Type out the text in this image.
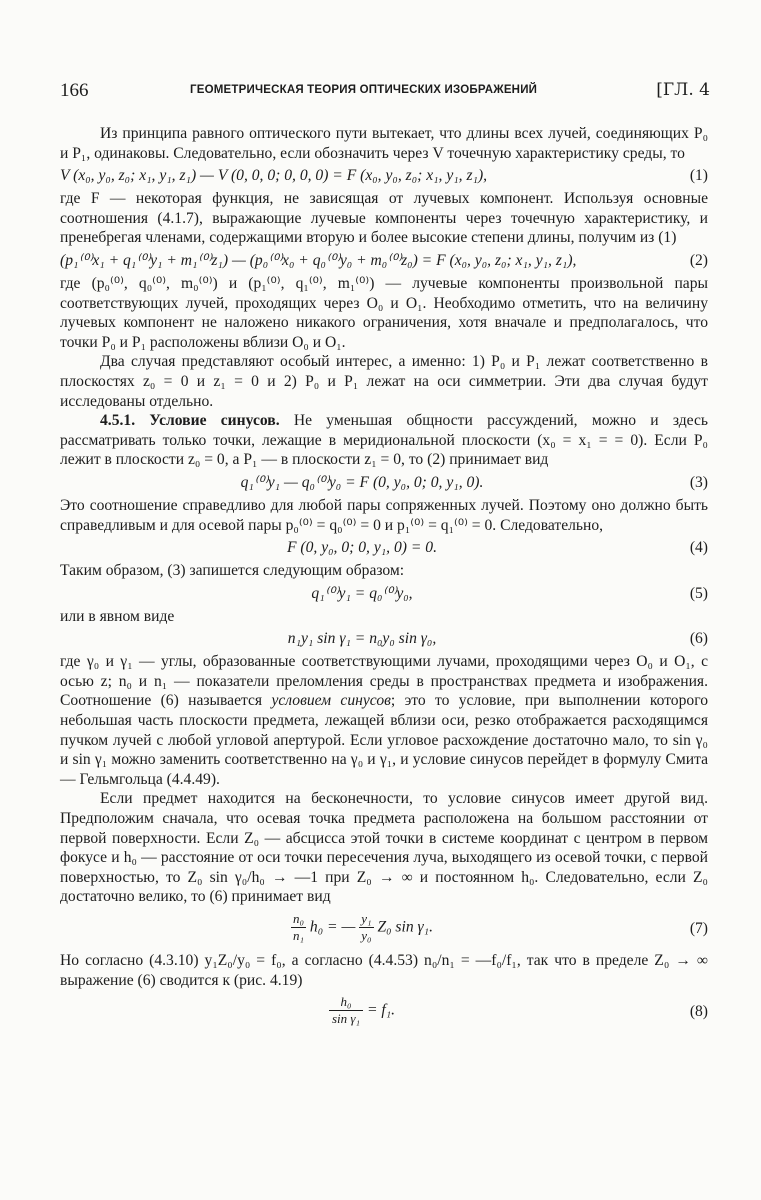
166	ГЕОМЕТРИЧЕСКАЯ ТЕОРИЯ ОПТИЧЕСКИХ ИЗОБРАЖЕНИЙ	[ГЛ. 4

Из принципа равного оптического пути вытекает, что длины всех лучей, соединяющих P₀ и P₁, одинаковы. Следовательно, если обозначить через V точечную характеристику среды, то

V (x₀, y₀, z₀; x₁, y₁, z₁) — V (0, 0, 0; 0, 0, 0) = F (x₀, y₀, z₀; x₁, y₁, z₁),	(1)

где F — некоторая функция, не зависящая от лучевых компонент. Используя основные соотношения (4.1.7), выражающие лучевые компоненты через точечную характеристику, и пренебрегая членами, содержащими вторую и более высокие степени длины, получим из (1)

(p₁⁽⁰⁾x₁ + q₁⁽⁰⁾y₁ + m₁⁽⁰⁾z₁) — (p₀⁽⁰⁾x₀ + q₀⁽⁰⁾y₀ + m₀⁽⁰⁾z₀) = F (x₀, y₀, z₀; x₁, y₁, z₁),	(2)

где (p₀⁽⁰⁾, q₀⁽⁰⁾, m₀⁽⁰⁾) и (p₁⁽⁰⁾, q₁⁽⁰⁾, m₁⁽⁰⁾) — лучевые компоненты произвольной пары соответствующих лучей, проходящих через O₀ и O₁. Необходимо отметить, что на величину лучевых компонент не наложено никакого ограничения, хотя вначале и предполагалось, что точки P₀ и P₁ расположены вблизи O₀ и O₁.

Два случая представляют особый интерес, а именно: 1) P₀ и P₁ лежат соответственно в плоскостях z₀ = 0 и z₁ = 0 и 2) P₀ и P₁ лежат на оси симметрии. Эти два случая будут исследованы отдельно.

4.5.1. Условие синусов. Не уменьшая общности рассуждений, можно и здесь рассматривать только точки, лежащие в меридиональной плоскости (x₀ = x₁ = = 0). Если P₀ лежит в плоскости z₀ = 0, а P₁ — в плоскости z₁ = 0, то (2) принимает вид

q₁⁽⁰⁾y₁ — q₀⁽⁰⁾y₀ = F (0, y₀, 0; 0, y₁, 0).	(3)

Это соотношение справедливо для любой пары сопряженных лучей. Поэтому оно должно быть справедливым и для осевой пары p₀⁽⁰⁾ = q₀⁽⁰⁾ = 0 и p₁⁽⁰⁾ = q₁⁽⁰⁾ = 0. Следовательно,

F (0, y₀, 0; 0, y₁, 0) = 0.	(4)

Таким образом, (3) запишется следующим образом:

q₁⁽⁰⁾y₁ = q₀⁽⁰⁾y₀,	(5)

или в явном виде

n₁y₁ sin γ₁ = n₀y₀ sin γ₀,	(6)

где γ₀ и γ₁ — углы, образованные соответствующими лучами, проходящими через O₀ и O₁, с осью z; n₀ и n₁ — показатели преломления среды в пространствах предмета и изображения. Соотношение (6) называется условием синусов; это то условие, при выполнении которого небольшая часть плоскости предмета, лежащей вблизи оси, резко отображается расходящимся пучком лучей с любой угловой апертурой. Если угловое расхождение достаточно мало, то sin γ₀ и sin γ₁ можно заменить соответственно на γ₀ и γ₁, и условие синусов перейдет в формулу Смита — Гельмгольца (4.4.49).

Если предмет находится на бесконечности, то условие синусов имеет другой вид. Предположим сначала, что осевая точка предмета расположена на большом расстоянии от первой поверхности. Если Z₀ — абсцисса этой точки в системе координат с центром в первом фокусе и h₀ — расстояние от оси точки пересечения луча, выходящего из осевой точки, с первой поверхностью, то Z₀ sin γ₀/h₀ → —1 при Z₀ → ∞ и постоянном h₀. Следовательно, если Z₀ достаточно велико, то (6) принимает вид

$\frac{\text{n₀}}{\text{n₁}} h_0$ = — $\frac{\text{y₁}}{\text{y₀}} Z_0$ sin γ₁.	(7)

Но согласно (4.3.10) y₁Z₀/y₀ = f₀, а согласно (4.4.53) n₀/n₁ = —f₀/f₁, так что в пределе Z₀ → ∞ выражение (6) сводится к (рис. 4.19)

$\frac{\text{h₀}}{\text{sin γ₁}} = f_1$.	(8)
